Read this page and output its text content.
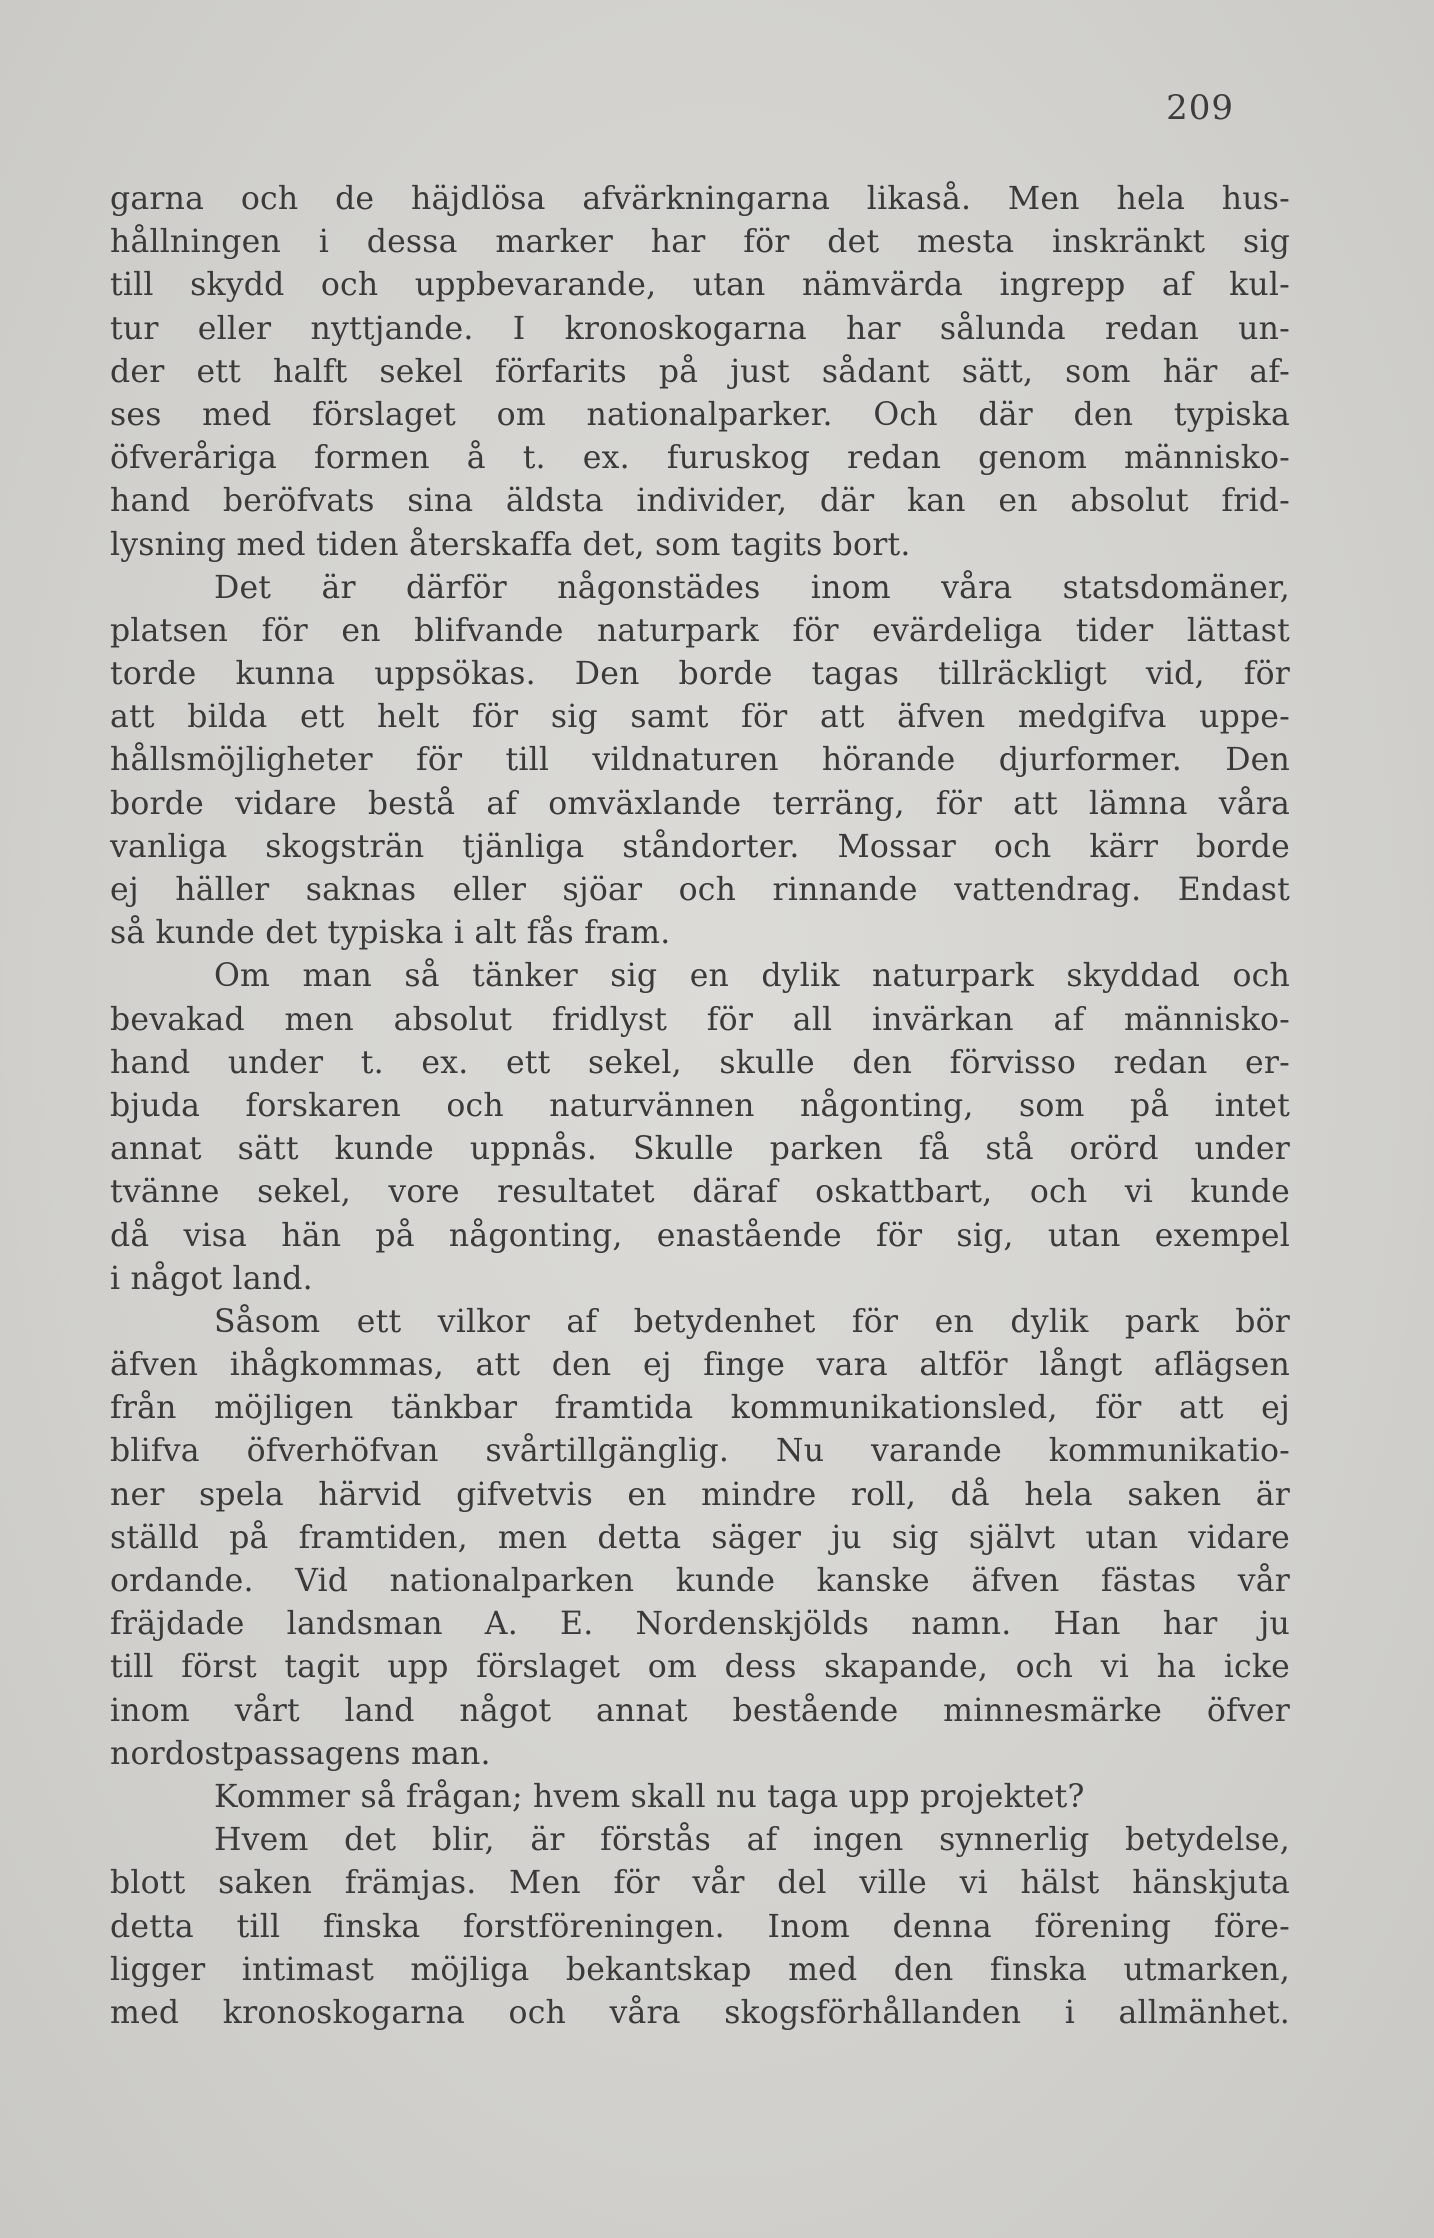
209
garna och de häjdlösa afvärkningarna likaså. Men hela hus-
hållningen i dessa marker har för det mesta inskränkt sig
till skydd och uppbevarande, utan nämvärda ingrepp af kul-
tur eller nyttjande. I kronoskogarna har sålunda redan un-
der ett halft sekel förfarits på just sådant sätt, som här af-
ses med förslaget om nationalparker. Och där den typiska
öfveråriga formen å t. ex. furuskog redan genom människo-
hand beröfvats sina äldsta individer, där kan en absolut frid-
lysning med tiden återskaffa det, som tagits bort.
Det är därför någonstädes inom våra statsdomäner,
platsen för en blifvande naturpark för evärdeliga tider lättast
torde kunna uppsökas. Den borde tagas tillräckligt vid, för
att bilda ett helt för sig samt för att äfven medgifva uppe-
hållsmöjligheter för till vildnaturen hörande djurformer. Den
borde vidare bestå af omväxlande terräng, för att lämna våra
vanliga skogsträn tjänliga ståndorter. Mossar och kärr borde
ej häller saknas eller sjöar och rinnande vattendrag. Endast
så kunde det typiska i alt fås fram.
Om man så tänker sig en dylik naturpark skyddad och
bevakad men absolut fridlyst för all invärkan af människo-
hand under t. ex. ett sekel, skulle den förvisso redan er-
bjuda forskaren och naturvännen någonting, som på intet
annat sätt kunde uppnås. Skulle parken få stå orörd under
tvänne sekel, vore resultatet däraf oskattbart, och vi kunde
då visa hän på någonting, enastående för sig, utan exempel
i något land.
Såsom ett vilkor af betydenhet för en dylik park bör
äfven ihågkommas, att den ej finge vara altför långt aflägsen
från möjligen tänkbar framtida kommunikationsled, för att ej
blifva öfverhöfvan svårtillgänglig. Nu varande kommunikatio-
ner spela härvid gifvetvis en mindre roll, då hela saken är
ställd på framtiden, men detta säger ju sig självt utan vidare
ordande. Vid nationalparken kunde kanske äfven fästas vår
fräjdade landsman A. E. Nordenskjölds namn. Han har ju
till först tagit upp förslaget om dess skapande, och vi ha icke
inom vårt land något annat bestående minnesmärke öfver
nordostpassagens man.
Kommer så frågan; hvem skall nu taga upp projektet?
Hvem det blir, är förstås af ingen synnerlig betydelse,
blott saken främjas. Men för vår del ville vi hälst hänskjuta
detta till finska forstföreningen. Inom denna förening före-
ligger intimast möjliga bekantskap med den finska utmarken,
med kronoskogarna och våra skogsförhållanden i allmänhet.
